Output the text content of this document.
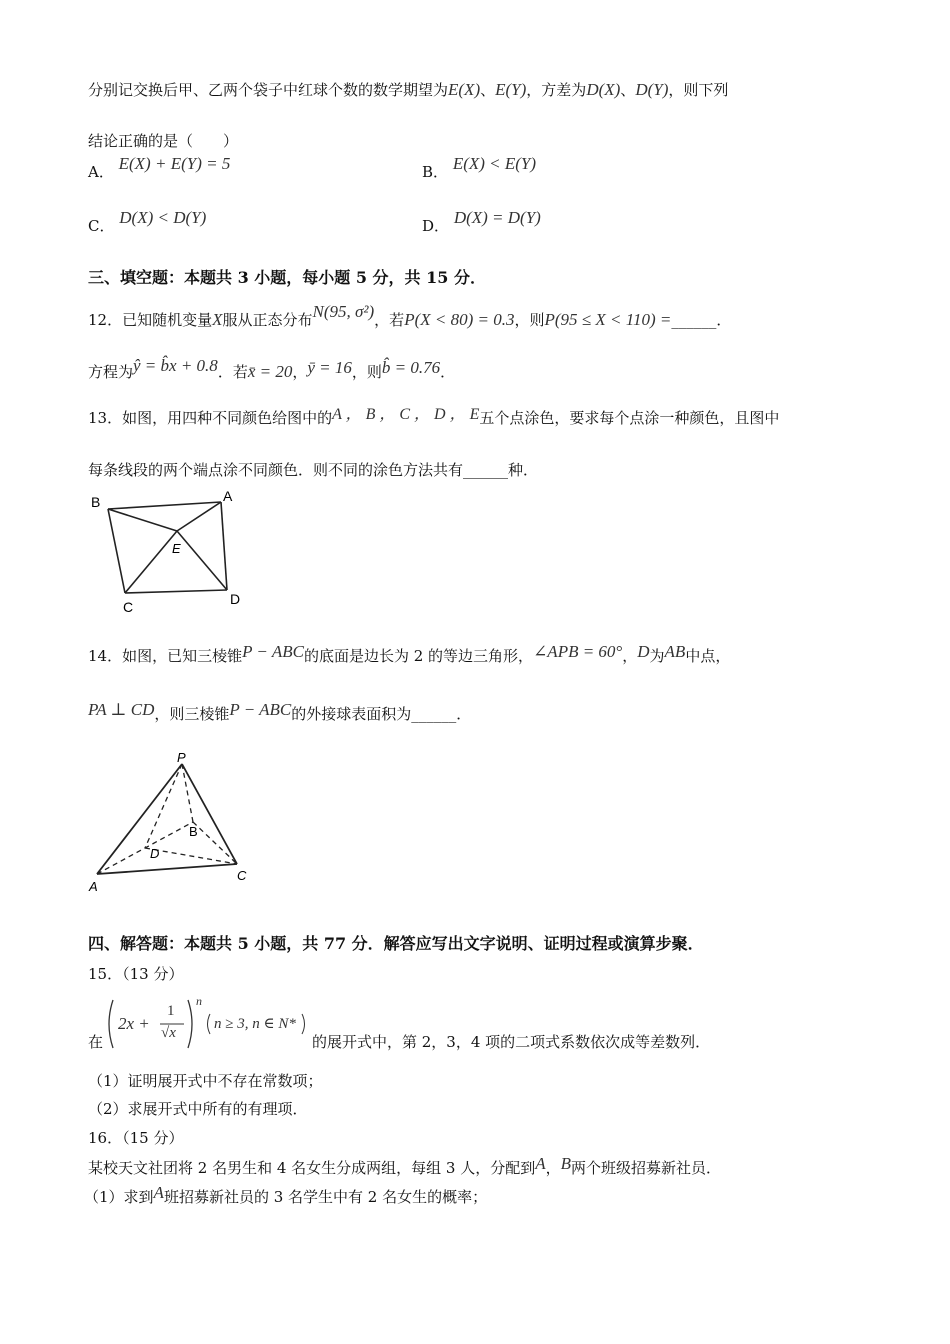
分别记交换后甲、乙两个袋子中红球个数的数学期望为E(X)、E(Y)，方差为D(X)、D(Y)，则下列
结论正确的是（　　）
A． E(X) + E(Y) = 5	B． E(X) < E(Y)
C． D(X) < D(Y)	D． D(X) = D(Y)
三、填空题：本题共 3 小题，每小题 5 分，共 15 分．
12．已知随机变量X服从正态分布N(95, σ²)，若P(X < 80) = 0.3，则P(95 ≤ X < 110) =______．
方程为ŷ = b̂x + 0.8．若x̄ = 20，ȳ = 16，则b̂ = 0.76．
13．如图，用四种不同颜色给图中的A ， B ， C ， D ， E五个点涂色，要求每个点涂一种颜色，且图中
每条线段的两个端点涂不同颜色．则不同的涂色方法共有______种．
B	A
E
C	D
14．如图，已知三棱锥P − ABC的底面是边长为 2 的等边三角形，∠APB = 60°，D为AB中点，
PA ⊥ CD，则三棱锥P − ABC的外接球表面积为______．
P
B
D
A
C
四、解答题：本题共 5 小题，共 77 分．解答应写出文字说明、证明过程或演算步聚．
15．（13 分）
在
2x +
1
√x
n
n ≥ 3, n ∈ N*
的展开式中，第 2，3，4 项的二项式系数依次成等差数列．
（1）证明展开式中不存在常数项；
（2）求展开式中所有的有理项．
16．（15 分）
某校天文社团将 2 名男生和 4 名女生分成两组，每组 3 人，分配到A，B两个班级招募新社员．
（1）求到A班招募新社员的 3 名学生中有 2 名女生的概率；
